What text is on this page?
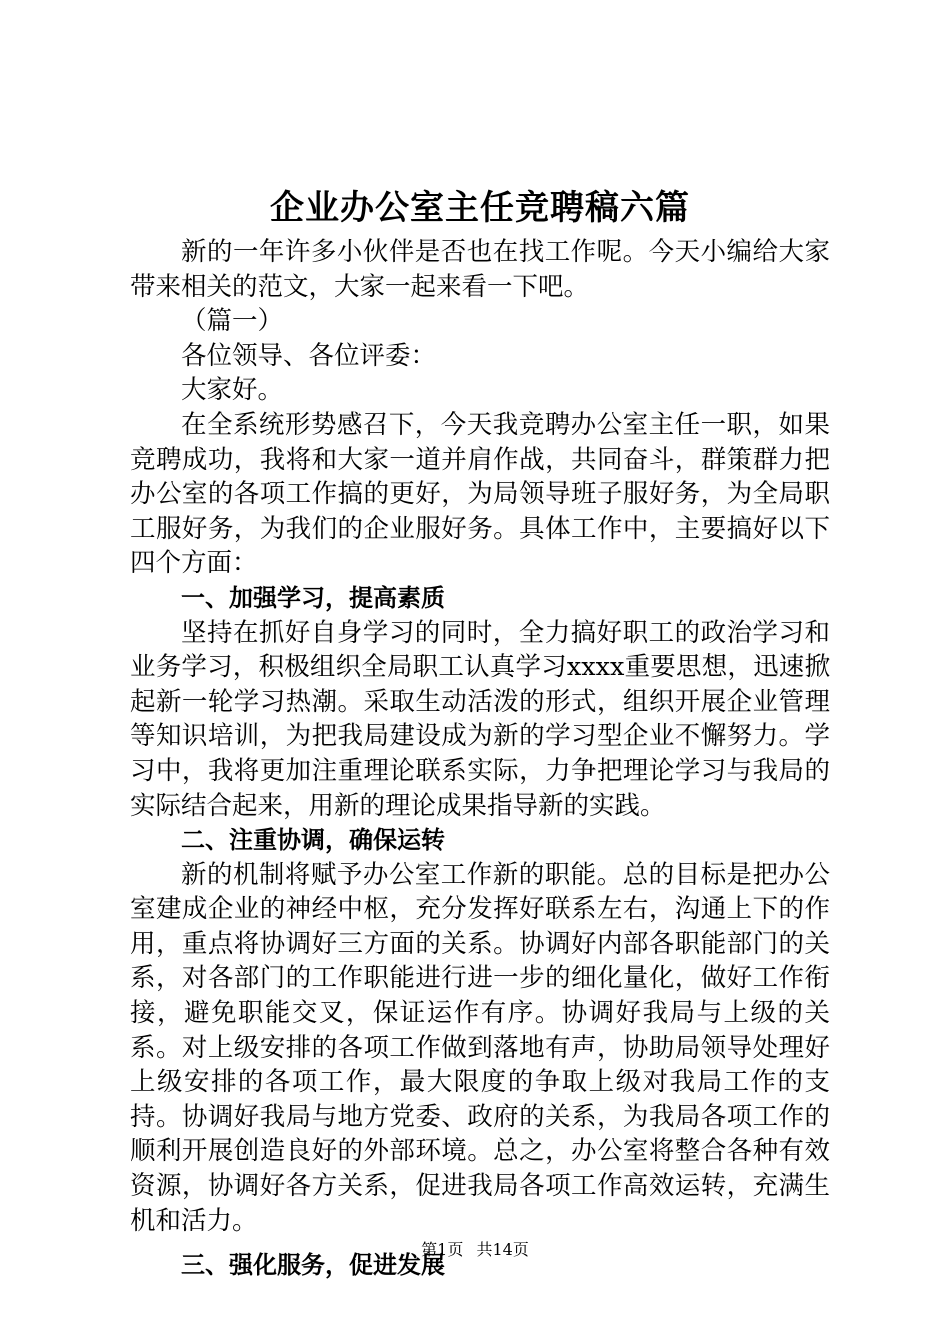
企业办公室主任竞聘稿六篇

新的一年许多小伙伴是否也在找工作呢。今天小编给大家带来相关的范文，大家一起来看一下吧。

（篇一）

各位领导、各位评委：

大家好。

在全系统形势感召下，今天我竞聘办公室主任一职，如果竞聘成功，我将和大家一道并肩作战，共同奋斗，群策群力把办公室的各项工作搞的更好，为局领导班子服好务，为全局职工服好务，为我们的企业服好务。具体工作中，主要搞好以下四个方面：

一、加强学习，提高素质

坚持在抓好自身学习的同时，全力搞好职工的政治学习和业务学习，积极组织全局职工认真学习xxxx重要思想，迅速掀起新一轮学习热潮。采取生动活泼的形式，组织开展企业管理等知识培训，为把我局建设成为新的学习型企业不懈努力。学习中，我将更加注重理论联系实际，力争把理论学习与我局的实际结合起来，用新的理论成果指导新的实践。

二、注重协调，确保运转

新的机制将赋予办公室工作新的职能。总的目标是把办公室建成企业的神经中枢，充分发挥好联系左右，沟通上下的作用，重点将协调好三方面的关系。协调好内部各职能部门的关系，对各部门的工作职能进行进一步的细化量化，做好工作衔接，避免职能交叉，保证运作有序。协调好我局与上级的关系。对上级安排的各项工作做到落地有声，协助局领导处理好上级安排的各项工作，最大限度的争取上级对我局工作的支持。协调好我局与地方党委、政府的关系，为我局各项工作的顺利开展创造良好的外部环境。总之，办公室将整合各种有效资源，协调好各方关系，促进我局各项工作高效运转，充满生机和活力。

三、强化服务，促进发展
第1页 共14页
